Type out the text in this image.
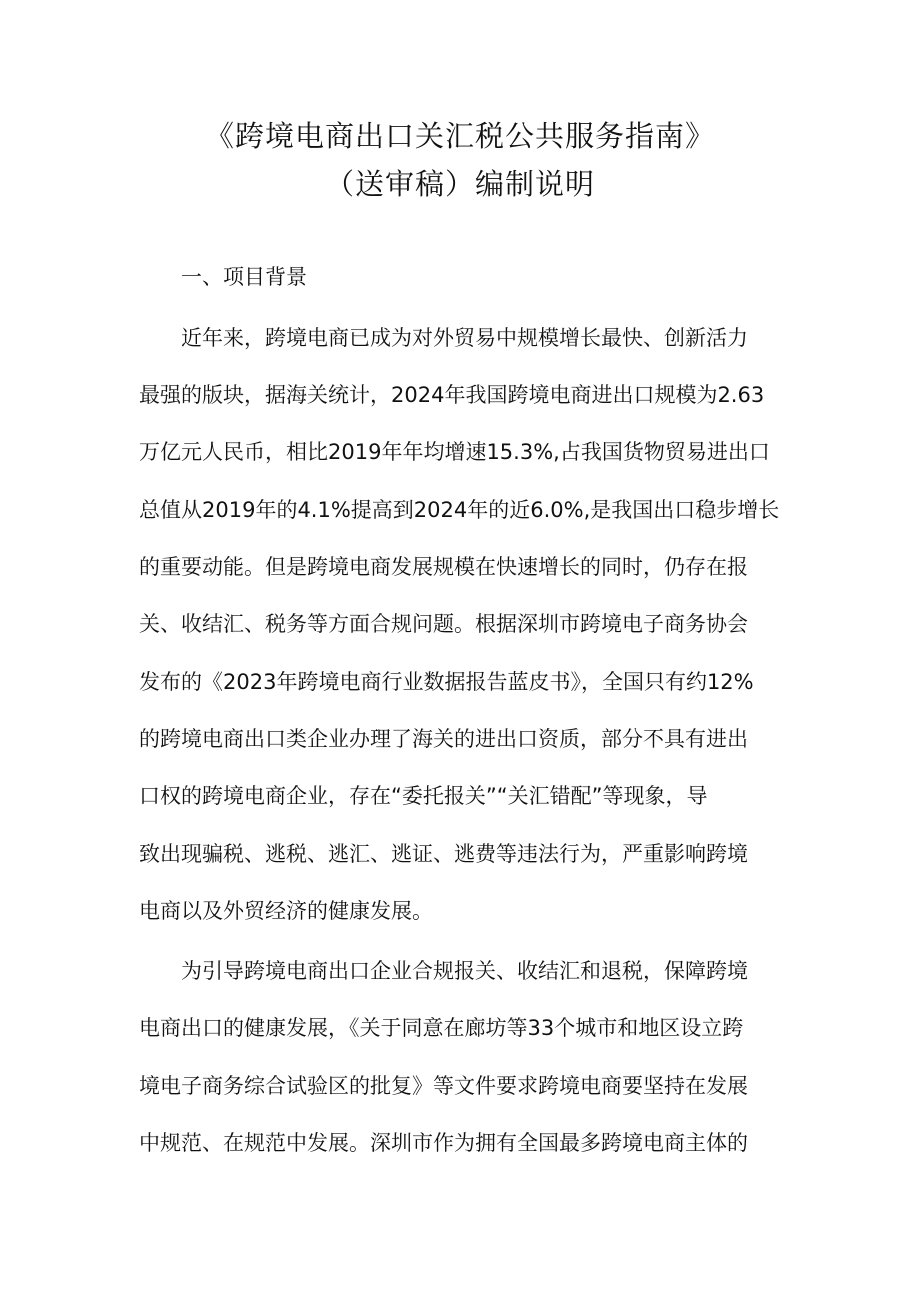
《跨境电商出口关汇税公共服务指南》
（送审稿）编制说明
一、项目背景
近年来，跨境电商已成为对外贸易中规模增长最快、创新活力
最强的版块，据海关统计，2024年我国跨境电商进出口规模为2.63
万亿元人民币，相比2019年年均增速15.3%,占我国货物贸易进出口
总值从2019年的4.1%提高到2024年的近6.0%,是我国出口稳步增长
的重要动能。但是跨境电商发展规模在快速增长的同时，仍存在报
关、收结汇、税务等方面合规问题。根据深圳市跨境电子商务协会
发布的《2023年跨境电商行业数据报告蓝皮书》，全国只有约12%
的跨境电商出口类企业办理了海关的进出口资质，部分不具有进出
口权的跨境电商企业，存在“委托报关”“关汇错配”等现象，导
致出现骗税、逃税、逃汇、逃证、逃费等违法行为，严重影响跨境
电商以及外贸经济的健康发展。
为引导跨境电商出口企业合规报关、收结汇和退税，保障跨境
电商出口的健康发展，《关于同意在廊坊等33个城市和地区设立跨
境电子商务综合试验区的批复》等文件要求跨境电商要坚持在发展
中规范、在规范中发展。深圳市作为拥有全国最多跨境电商主体的
